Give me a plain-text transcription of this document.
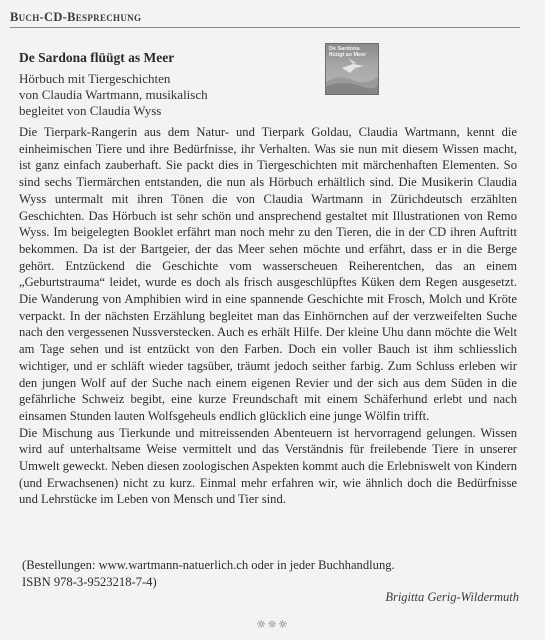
Buch-CD-Besprechung
De Sardona flüügt as Meer
Hörbuch mit Tiergeschichten
von Claudia Wartmann, musikalisch
begleitet von Claudia Wyss
De Sardona
flüügt as Meer

Die Tierpark-Rangerin aus dem Natur- und Tierpark Goldau, Claudia Wartmann, kennt die einheimischen Tiere und ihre Bedürfnisse, ihr Verhalten. Was sie nun mit diesem Wissen macht, ist ganz einfach zauberhaft. Sie packt dies in Tiergeschichten mit märchenhaften Elementen. So sind sechs Tiermärchen entstanden, die nun als Hörbuch erhältlich sind. Die Musikerin Claudia Wyss untermalt mit ihren Tönen die von Claudia Wartmann in Zürichdeutsch erzählten Geschichten. Das Hörbuch ist sehr schön und ansprechend gestaltet mit Illustrationen von Remo Wyss. Im beigelegten Booklet erfährt man noch mehr zu den Tieren, die in der CD ihren Auftritt bekommen. Da ist der Bartgeier, der das Meer sehen möchte und erfährt, dass er in die Berge gehört. Entzückend die Geschichte vom wasserscheuen Reiherentchen, das an einem „Geburtstrauma“ leidet, wurde es doch als frisch ausgeschlüpftes Küken dem Regen ausgesetzt. Die Wanderung von Amphibien wird in eine spannende Geschichte mit Frosch, Molch und Kröte verpackt. In der nächsten Erzählung begleitet man das Einhörnchen auf der verzweifelten Suche nach den vergessenen Nussverstecken. Auch es erhält Hilfe. Der kleine Uhu dann möchte die Welt am Tage sehen und ist entzückt von den Farben. Doch ein voller Bauch ist ihm schliesslich wichtiger, und er schläft wieder tagsüber, träumt jedoch seither farbig. Zum Schluss erleben wir den jungen Wolf auf der Suche nach einem eigenen Revier und der sich aus dem Süden in die gefährliche Schweiz begibt, eine kurze Freundschaft mit einem Schäferhund erlebt und nach einsamen Stunden lauten Wolfsgeheuls endlich glücklich eine junge Wölfin trifft.

Die Mischung aus Tierkunde und mitreissenden Abenteuern ist hervorragend gelungen. Wissen wird auf unterhaltsame Weise vermittelt und das Verständnis für freilebende Tiere in unserer Umwelt geweckt. Neben diesen zoologischen Aspekten kommt auch die Erlebniswelt von Kindern (und Erwachsenen) nicht zu kurz. Einmal mehr erfahren wir, wie ähnlich doch die Bedürfnisse und Lehrstücke im Leben von Mensch und Tier sind.

(Bestellungen: www.wartmann-natuerlich.ch oder in jeder Buchhandlung.
ISBN 978-3-9523218-7-4)
Brigitta Gerig-Wildermuth
☼☼☼
